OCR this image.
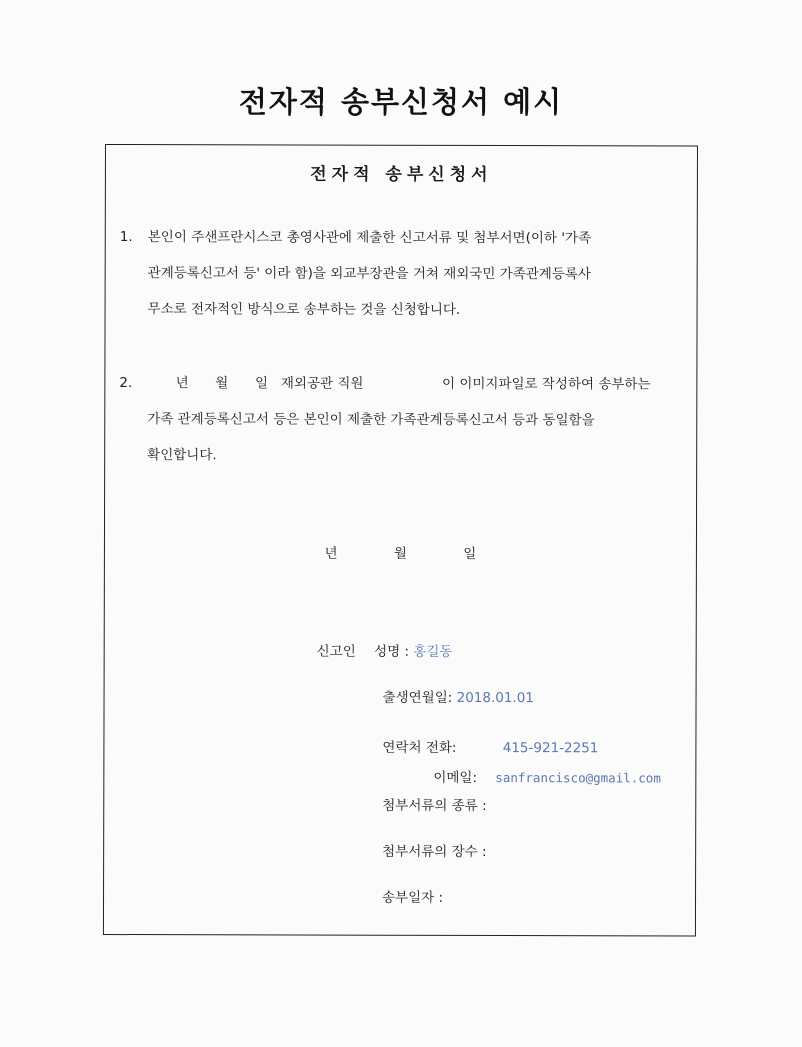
전자적 송부신청서 예시
전자적 송부신청서
1.	본인이 주샌프란시스코 총영사관에 제출한 신고서류 및 첨부서면(이하 '가족
관계등록신고서 등' 이라 함)을 외교부장관을 거쳐 재외국민 가족관계등록사
무소로 전자적인 방식으로 송부하는 것을 신청합니다.
2.	년 월 일 재외공관 직원	이 이미지파일로 작성하여 송부하는
가족 관계등록신고서 등은 본인이 제출한 가족관계등록신고서 등과 동일함을
확인합니다.
년	월	일
신고인 성명 : 홍길동
출생연월일: 2018.01.01
연락처 전화:	415-921-2251
이메일: sanfrancisco@gmail.com
첨부서류의 종류 :
첨부서류의 장수 :
송부일자 :
